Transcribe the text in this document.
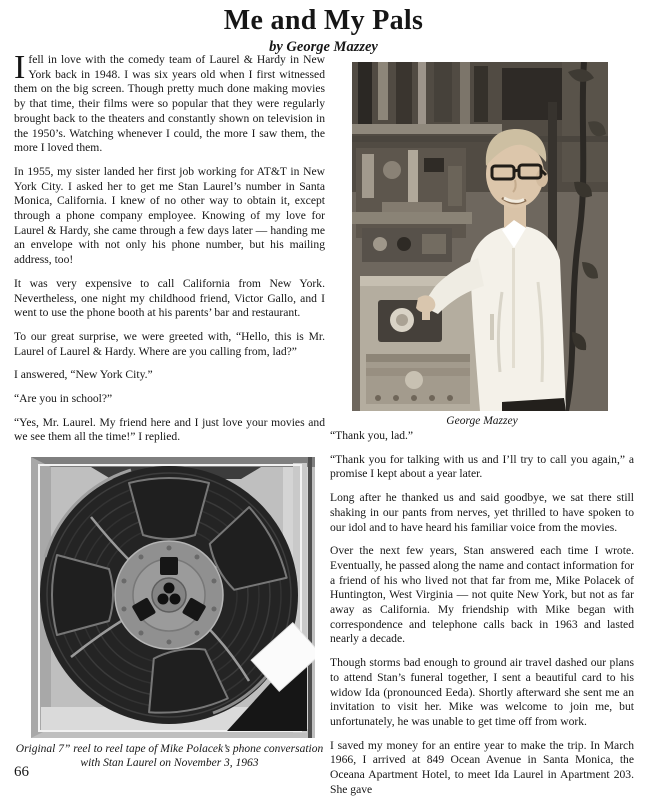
Me and My Pals
by George Mazzey

Ifell in love with the comedy team of Laurel & Hardy in New York back in 1948. I was six years old when I first witnessed them on the big screen. Though pretty much done making movies by that time, their films were so popular that they were regularly brought back to the theaters and constantly shown on television in the 1950’s. Watching whenever I could, the more I saw them, the more I loved them.

In 1955, my sister landed her first job working for AT&T in New York City. I asked her to get me Stan Laurel’s number in Santa Monica, California. I knew of no other way to obtain it, except through a phone company employee. Knowing of my love for Laurel & Hardy, she came through a few days later — handing me an envelope with not only his phone number, but his mailing address, too!

It was very expensive to call California from New York. Nevertheless, one night my childhood friend, Victor Gallo, and I went to use the phone booth at his parents’ bar and restaurant.

To our great surprise, we were greeted with, “Hello, this is Mr. Laurel of Laurel & Hardy. Where are you calling from, lad?”

I answered, “New York City.”

“Are you in school?”

“Yes, Mr. Laurel. My friend here and I just love your movies and we see them all the time!” I replied.

George Mazzey

“Thank you, lad.”

“Thank you for talking with us and I’ll try to call you again,” a promise I kept about a year later.

Long after he thanked us and said goodbye, we sat there still shaking in our pants from nerves, yet thrilled to have spoken to our idol and to have heard his familiar voice from the movies.

Over the next few years, Stan answered each time I wrote. Eventually, he passed along the name and contact information for a friend of his who lived not that far from me, Mike Polacek of Huntington, West Virginia — not quite New York, but not as far away as California. My friendship with Mike began with correspondence and telephone calls back in 1963 and lasted nearly a decade.

Though storms bad enough to ground air travel dashed our plans to attend Stan’s funeral together, I sent a beautiful card to his widow Ida (pronounced Eeda). Shortly afterward she sent me an invitation to visit her. Mike was welcome to join me, but unfortunately, he was unable to get time off from work.

I saved my money for an entire year to make the trip. In March 1966, I arrived at 849 Ocean Avenue in Santa Monica, the Oceana Apartment Hotel, to meet Ida Laurel in Apartment 203. She gave

Original 7” reel to reel tape of Mike Polacek’s phone conversation
with Stan Laurel on November 3, 1963
66
